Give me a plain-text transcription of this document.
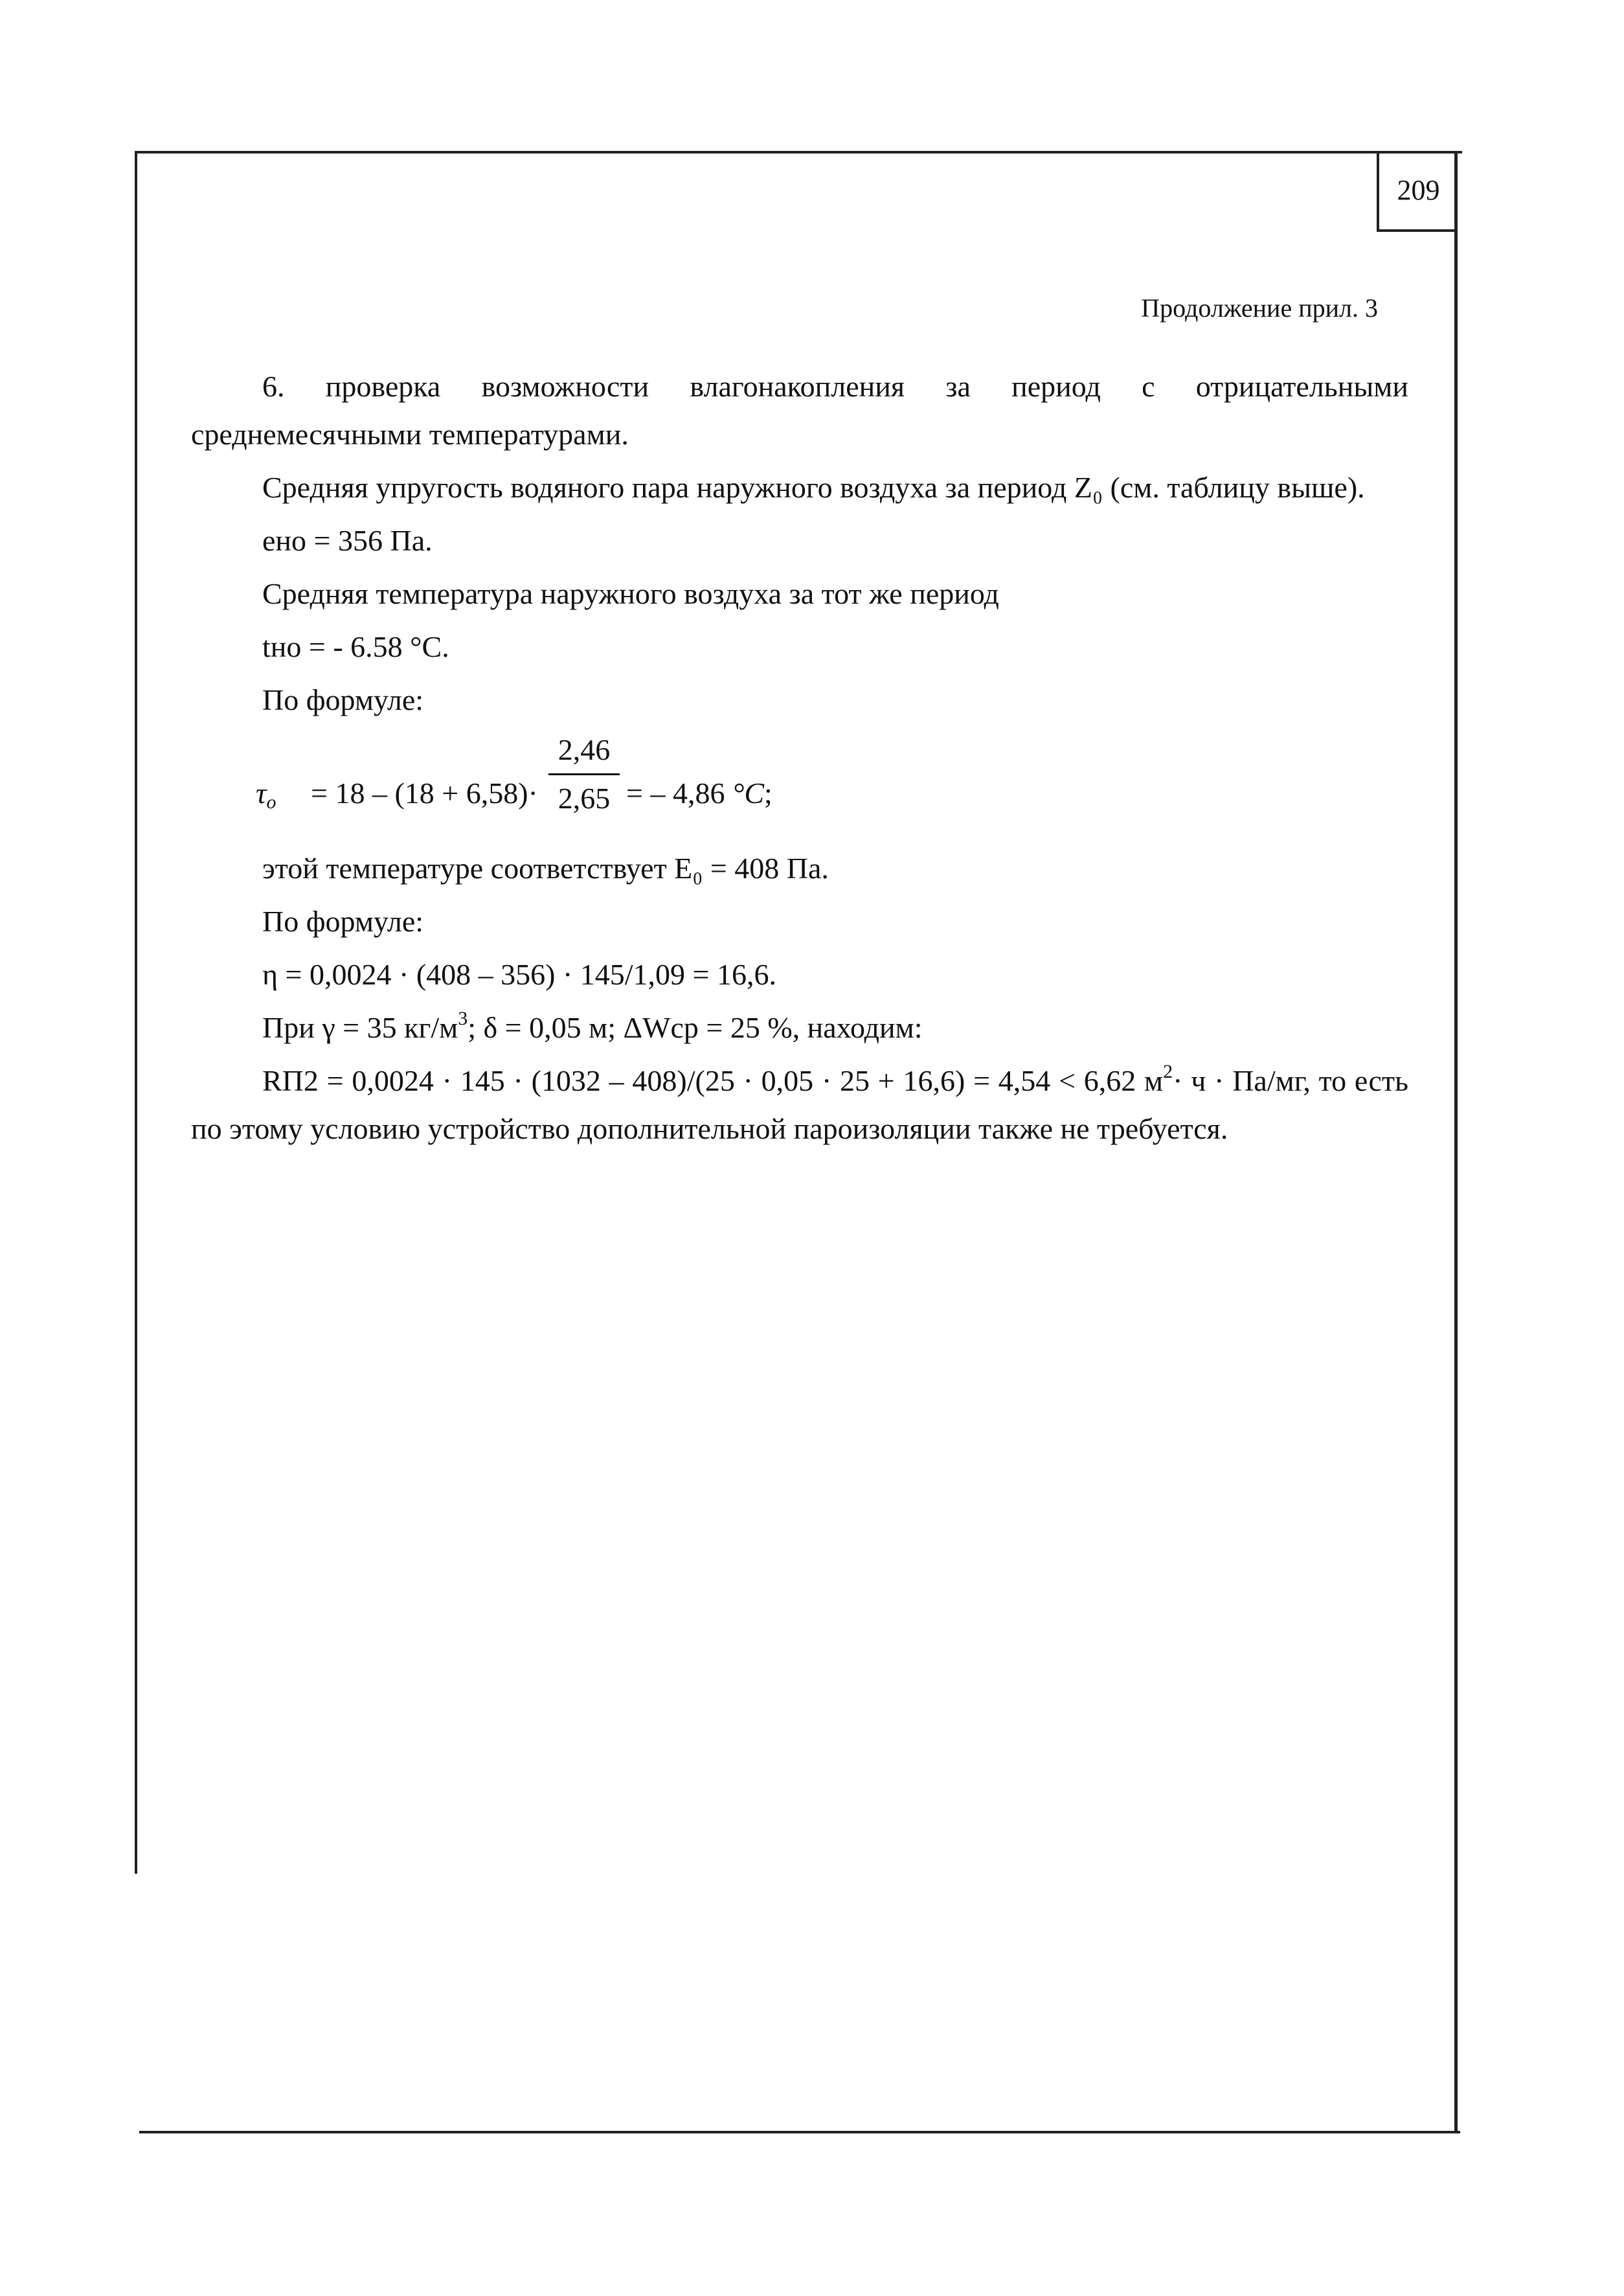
209
Продолжение прил. 3

6. проверка возможности влагонакопления за период с отрицательными среднемесячными температурами.

Средняя упругость водяного пара наружного воздуха за период Z₀ (см. таблицу выше).

eно = 356 Па.

Средняя температура наружного воздуха за тот же период

tно = - 6.58 °С.

По формуле:

$\tau_о = 18 - (18 + 6,58)\cdot$
2,46
2,65 = – 4,86 °C;

этой температуре соответствует E₀ = 408 Па.

По формуле:

η = 0,0024 · (408 – 356) · 145/1,09 = 16,6.

При γ = 35 $кг/м^3$; δ = 0,05 м; ΔWср = 25 %, находим:

RП2 = 0,0024 · 145 · (1032 – 408)/(25 · 0,05 · 25 + 16,6) = 4,54 < 6,62 $м^2\cdot ч \cdot Па/мг$, то есть по этому условию устройство дополнительной пароизоляции также не требуется.
